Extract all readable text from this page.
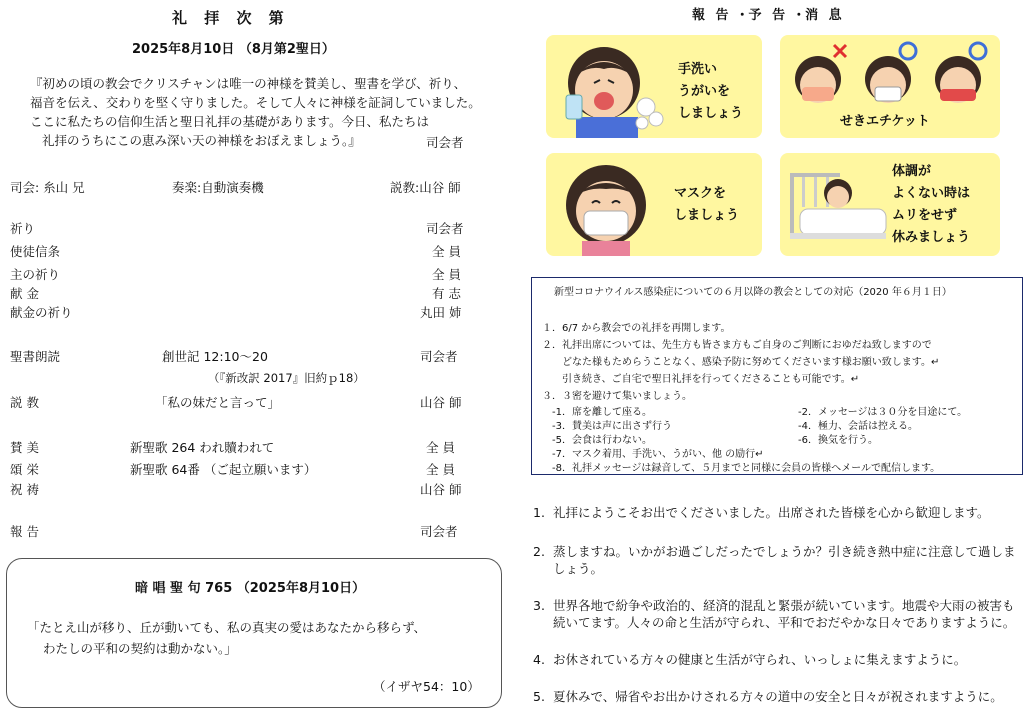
礼 拝 次 第
2025年8月10日 （8月第2聖日）
『初めの頃の教会でクリスチャンは唯一の神様を賛美し、聖書を学び、祈り、
福音を伝え、交わりを堅く守りました。そして人々に神様を証詞していました。
ここに私たちの信仰生活と聖日礼拝の基礎があります。今日、私たちは
礼拝のうちにこの恵み深い天の神様をおぼえましょう。』	司会者
司会: 糸山 兄	奏楽:自動演奏機	説教:山谷 師
祈り	司会者
使徒信条	全 員
主の祈り	全 員
献 金	有 志
献金の祈り	丸田 姉
聖書朗読	創世記 12:10～20	司会者
（『新改訳 2017』旧約ｐ18）
説 教	「私の妹だと言って」	山谷 師
賛 美	新聖歌 264 われ贖われて	全 員
頌 栄	新聖歌 64番 （ご起立願います）	全 員
祝 祷	山谷 師
報 告	司会者
暗 唱 聖 句 765 （2025年8月10日）
「たとえ山が移り、丘が動いても、私の真実の愛はあなたから移らず、
わたしの平和の契約は動かない。」
（イザヤ54：10）
報 告 ･予 告 ･消 息
手洗い
うがいを
しましょう
せきエチケット
マスクを
しましょう
体調が
よくない時は
ムリをせず
休みましょう
新型コロナウイルス感染症についての６月以降の教会としての対応（2020 年６月１日）
１．6/7 から教会での礼拝を再開します。
２．礼拝出席については、先生方も皆さま方もご自身のご判断におゆだね致しますので
どなた様もためらうことなく、感染予防に努めてくださいます様お願い致します。↵
引き続き、ご自宅で聖日礼拝を行ってくださることも可能です。↵
３．３密を避けて集いましょう。
-1．席を離して座る。
-3．賛美は声に出さず行う
-5．会食は行わない。
-7．マスク着用、手洗い、うがい、他 の励行↵
-2．メッセージは３０分を目途にて。
-4．極力、会話は控える。
-6．換気を行う。
-8．礼拝メッセージは録音して、５月までと同様に会員の皆様へメールで配信します。
1. 礼拝にようこそお出でくださいました。出席された皆様を心から歓迎します。
2. 蒸しますね。いかがお過ごしだったでしょうか？引き続き熱中症に注意して過しましょう。
3. 世界各地で紛争や政治的、経済的混乱と緊張が続いています。地震や大雨の被害も続いてます。人々の命と生活が守られ、平和でおだやかな日々でありますように。
4. お休されている方々の健康と生活が守られ、いっしょに集えますように。
5. 夏休みで、帰省やお出かけされる方々の道中の安全と日々が祝されますように。
